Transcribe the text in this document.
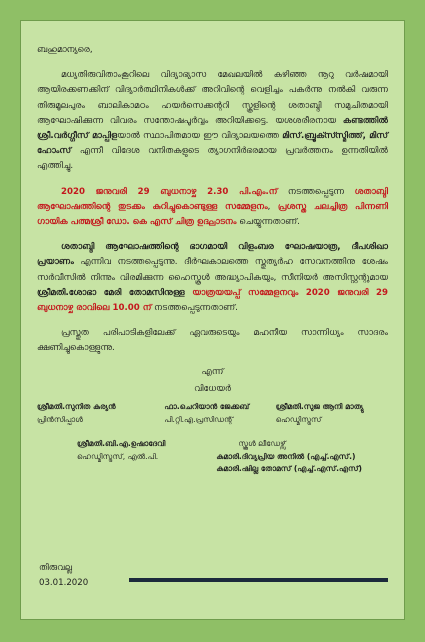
ബഹുമാന്യരെ,

മധ്യതിരുവിതാംകൂറിലെ വിദ്യാഭ്യാസ മേഖലയിൽ കഴിഞ്ഞ നൂറു വർഷമായി ആയിരക്കണക്കിന് വിദ്യാർത്ഥിനികൾക്ക് അറിവിന്റെ വെളിച്ചം പകർന്നു നൽകി വരുന്ന തിരുമൂലപുരം ബാലികാമഠം ഹയർസെക്കന്ററി സ്കൂളിന്റെ ശതാബ്ദി സമുചിതമായി ആഘോഷിക്കുന്ന വിവരം സന്തോഷപൂർവ്വം അറിയിക്കട്ടെ. യശശരീരനായ കണ്ടത്തിൽ ശ്രീ.വർഗ്ഗീസ് മാപ്പിളയാൽ സ്ഥാപിതമായ ഈ വിദ്യാലയത്തെ മിസ്.ബ്രൂക്സ്സ്മിത്ത്, മിസ് ഹോംസ് എന്നീ വിദേശ വനിതകളുടെ ത്യാഗനിർഭരമായ പ്രവർത്തനം ഉന്നതിയിൽ എത്തിച്ചു.

2020 ജനുവരി 29 ബുധനാഴ്ച 2.30 പി.എം.ന് നടത്തപ്പെടുന്ന ശതാബ്ദി ആഘോഷത്തിന്റെ തുടക്കം കുറിച്ചുകൊണ്ടുള്ള സമ്മേളനം, പ്രശസ്ത ചലച്ചിത്ര പിന്നണി ഗായിക പത്മശ്രീ ഡോ. കെ എസ് ചിത്ര ഉദ്ഘാടനം ചെയ്യുന്നതാണ്.

ശതാബ്ദി ആഘോഷത്തിന്റെ ഭാഗമായി വിളംബര ഘോഷയാത്ര, ദീപശിഖാ പ്രയാണം എന്നിവ നടത്തപ്പെടുന്നു. ദീർഘകാലത്തെ സ്തുത്യർഹ സേവനത്തിനു ശേഷം സർവീസിൽ നിന്നും വിരമിക്കുന്ന ഹൈസ്കൂൾ അദ്ധ്യാപികയും, സീനിയർ അസിസ്റ്റന്റുമായ ശ്രീമതി.ശോഭാ മേരി തോമസിനുള്ള യാത്രയയപ്പ് സമ്മേളനവും 2020 ജനുവരി 29 ബുധനാഴ്ച രാവിലെ 10.00 ന് നടത്തപ്പെടുന്നതാണ്.

പ്രസ്തുത പരിപാടികളിലേക്ക് ഏവരുടെയും മഹനീയ സാന്നിധ്യം സാദരം ക്ഷണിച്ചുകൊള്ളുന്നു.

എന്ന്

വിധേയർ

ശ്രീമതി.സുനിത കുര്യൻ
പ്രിൻസിപ്പാൾ
ഫാ.ചെറിയാൻ ജേക്കബ്
പി.റ്റി.എ.പ്രസിഡന്റ്
ശ്രീമതി.സുജ ആനി മാത്യു
ഹെഡ്മിസ്ട്രസ്
ശ്രീമതി.ബി.എ.ഉഷാദേവി
ഹെഡ്മിസ്ട്രസ്, എൽ.പി.
സ്കൂൾ ലീഡേഴ്സ്
കുമാരി.ദിവ്യപ്രിയ അനിൽ (എച്ച്.എസ്.)
കുമാരി.ഷില്ല തോമസ് (എച്ച്.എസ്.എസ്)
തിരുവല്ല
03.01.2020
